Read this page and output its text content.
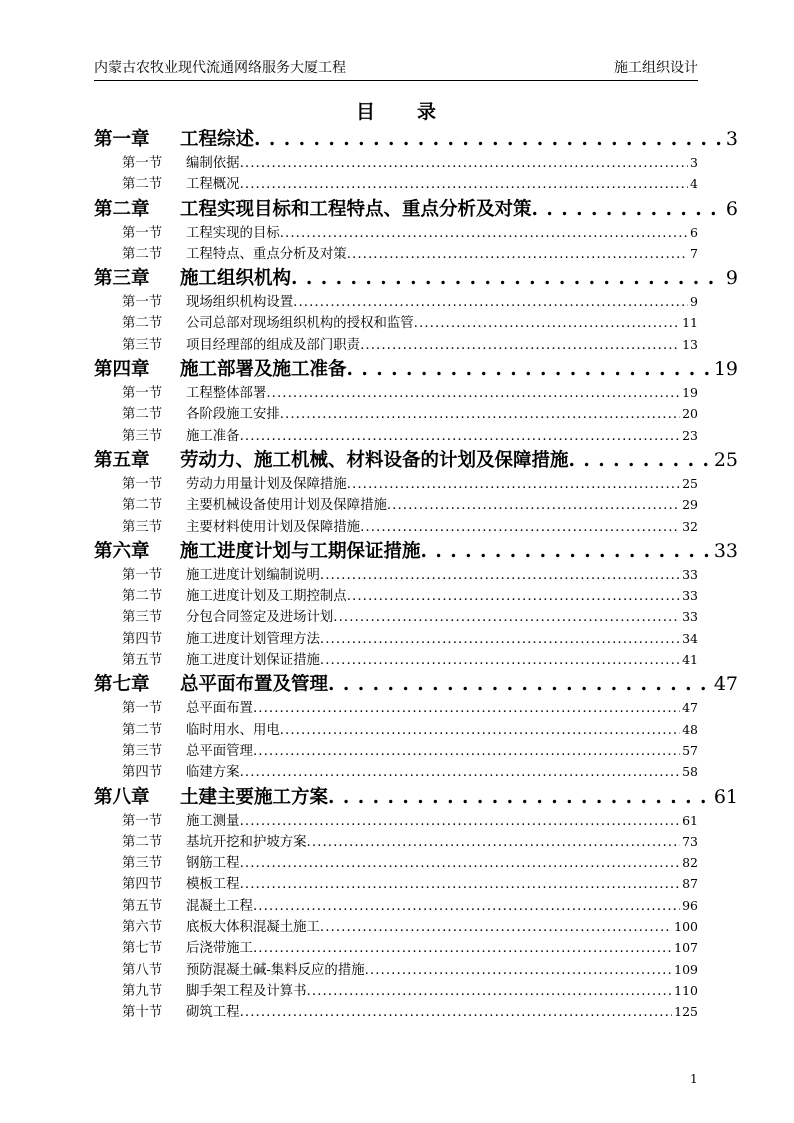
内蒙古农牧业现代流通网络服务大厦工程	施工组织设计
目 录
第一章	工程综述 . . .	3
第一节	编制依据 . . .	3
第二节	工程概况 . . .	4
第二章	工程实现目标和工程特点、重点分析及对策 . . .	6
第一节	工程实现的目标 . . .	6
第二节	工程特点、重点分析及对策 . . .	7
第三章	施工组织机构 . . .	9
第一节	现场组织机构设置 . . .	9
第二节	公司总部对现场组织机构的授权和监管 . . .	11
第三节	项目经理部的组成及部门职责 . . .	13
第四章	施工部署及施工准备 . . .	19
第一节	工程整体部署 . . .	19
第二节	各阶段施工安排 . . .	20
第三节	施工准备 . . .	23
第五章	劳动力、施工机械、材料设备的计划及保障措施 . . .	25
第一节	劳动力用量计划及保障措施 . . .	25
第二节	主要机械设备使用计划及保障措施 . . .	29
第三节	主要材料使用计划及保障措施 . . .	32
第六章	施工进度计划与工期保证措施 . . .	33
第一节	施工进度计划编制说明 . . .	33
第二节	施工进度计划及工期控制点 . . .	33
第三节	分包合同签定及进场计划 . . .	33
第四节	施工进度计划管理方法 . . .	34
第五节	施工进度计划保证措施 . . .	41
第七章	总平面布置及管理 . . .	47
第一节	总平面布置 . . .	47
第二节	临时用水、用电 . . .	48
第三节	总平面管理 . . .	57
第四节	临建方案 . . .	58
第八章	土建主要施工方案 . . .	61
第一节	施工测量 . . .	61
第二节	基坑开挖和护坡方案 . . .	73
第三节	钢筋工程 . . .	82
第四节	模板工程 . . .	87
第五节	混凝土工程 . . .	96
第六节	底板大体积混凝土施工 . . .	100
第七节	后浇带施工 . . .	107
第八节	预防混凝土碱-集料反应的措施 . . .	109
第九节	脚手架工程及计算书 . . .	110
第十节	砌筑工程 . . .	125
1
